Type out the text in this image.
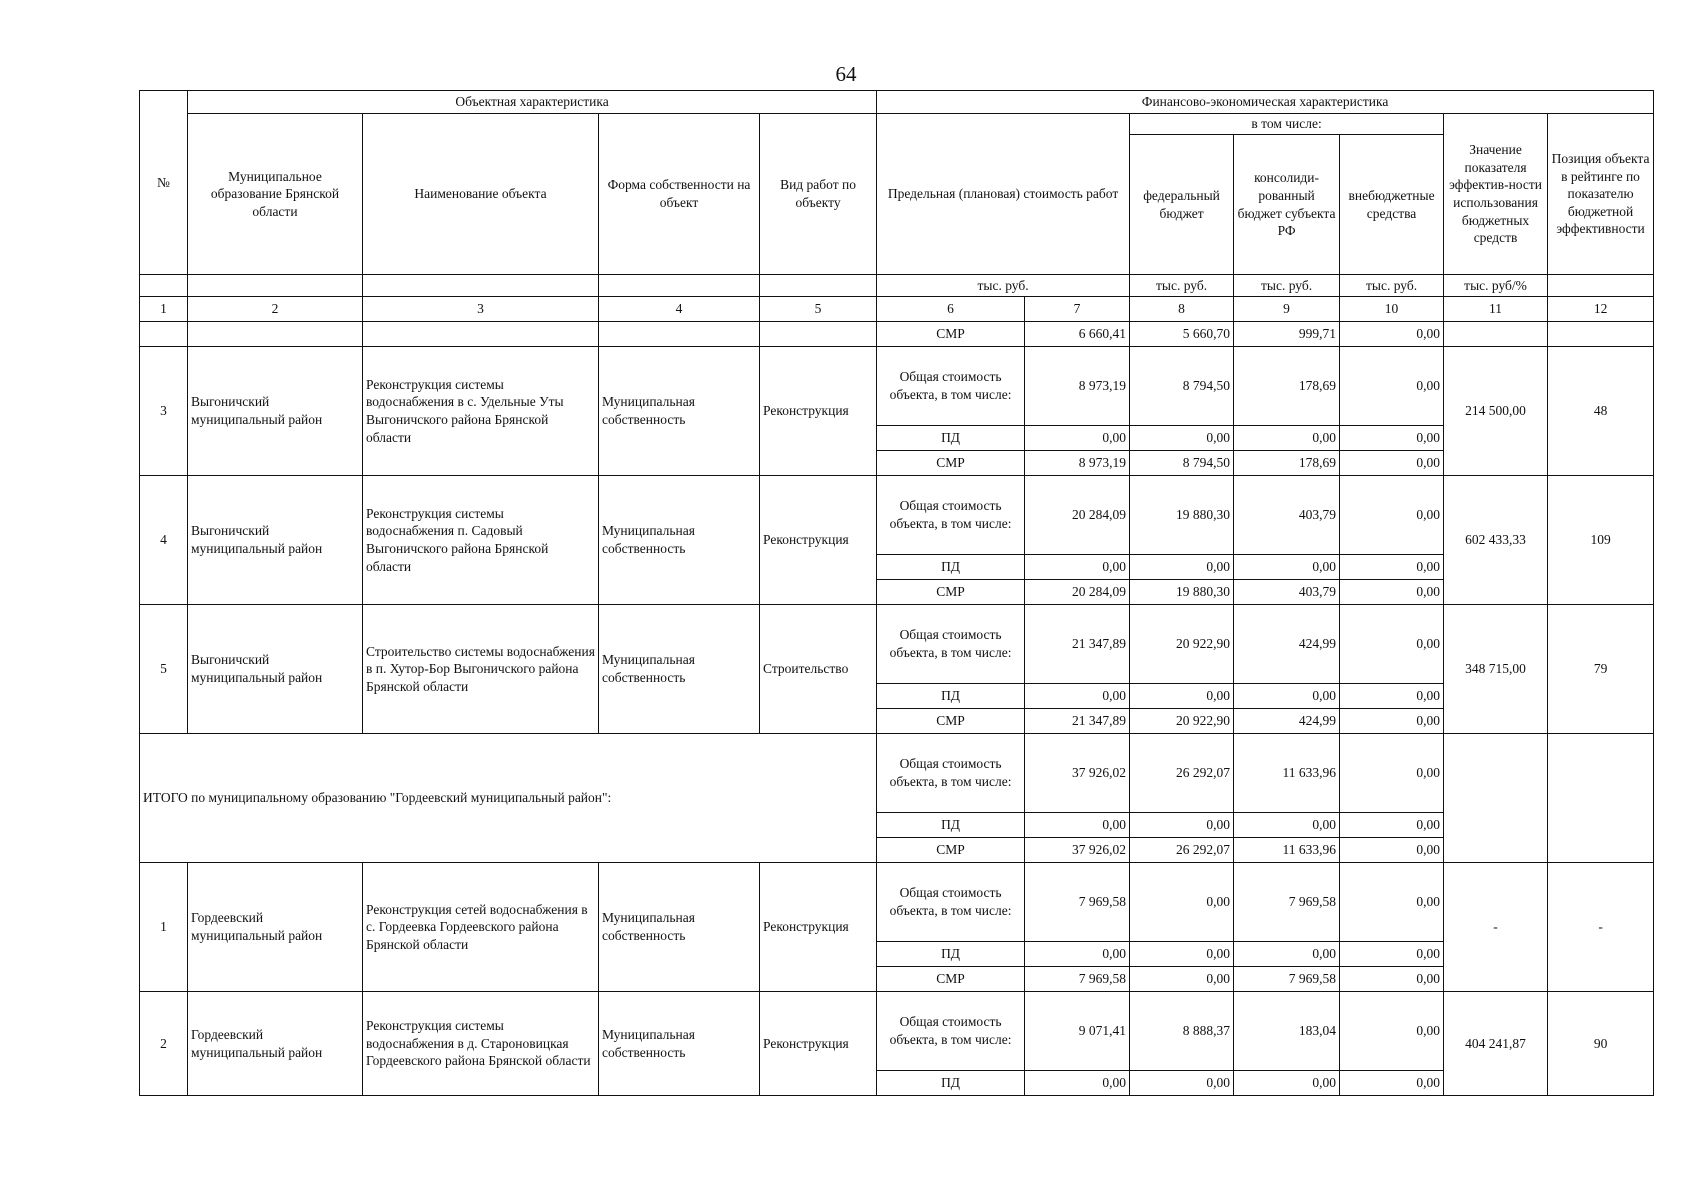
64
№	Объектная характеристика				Финансово-экономическая характеристика						
	Муниципальное образование Брянской области	Наименование объекта	Форма собственности на объект	Вид работ по объекту	Предельная (плановая) стоимость работ		в том числе:			Значение показателя эффектив-ности использования бюджетных средств	Позиция объекта в рейтинге по показателю бюджетной эффективности
							федеральный бюджет	консолиди-рованный бюджет субъекта РФ	внебюджетные средства		
					тыс. руб.		тыс. руб.	тыс. руб.	тыс. руб.	тыс. руб/%	
1	2	3	4	5	6	7	8	9	10	11	12
					СМР	6 660,41	5 660,70	999,71	0,00		
3	Выгоничский муниципальный район	Реконструкция системы водоснабжения в с. Удельные Уты Выгоничского района Брянской области	Муниципальная собственность	Реконструкция	Общая стоимость объекта, в том числе:	8 973,19	8 794,50	178,69	0,00	214 500,00	48
					ПД	0,00	0,00	0,00	0,00		
					СМР	8 973,19	8 794,50	178,69	0,00		
4	Выгоничский муниципальный район	Реконструкция системы водоснабжения п. Садовый Выгоничского района Брянской области	Муниципальная собственность	Реконструкция	Общая стоимость объекта, в том числе:	20 284,09	19 880,30	403,79	0,00	602 433,33	109
					ПД	0,00	0,00	0,00	0,00		
					СМР	20 284,09	19 880,30	403,79	0,00		
5	Выгоничский муниципальный район	Строительство системы водоснабжения в п. Хутор-Бор Выгоничского района Брянской области	Муниципальная собственность	Строительство	Общая стоимость объекта, в том числе:	21 347,89	20 922,90	424,99	0,00	348 715,00	79
					ПД	0,00	0,00	0,00	0,00		
					СМР	21 347,89	20 922,90	424,99	0,00		
ИТОГО по муниципальному образованию "Гордеевский муниципальный район":					Общая стоимость объекта, в том числе:	37 926,02	26 292,07	11 633,96	0,00		
					ПД	0,00	0,00	0,00	0,00		
					СМР	37 926,02	26 292,07	11 633,96	0,00		
1	Гордеевский муниципальный район	Реконструкция сетей водоснабжения в с. Гордеевка Гордеевского района Брянской области	Муниципальная собственность	Реконструкция	Общая стоимость объекта, в том числе:	7 969,58	0,00	7 969,58	0,00	-	-
					ПД	0,00	0,00	0,00	0,00		
					СМР	7 969,58	0,00	7 969,58	0,00		
2	Гордеевский муниципальный район	Реконструкция системы водоснабжения в д. Староновицкая Гордеевского района Брянской области	Муниципальная собственность	Реконструкция	Общая стоимость объекта, в том числе:	9 071,41	8 888,37	183,04	0,00	404 241,87	90
					ПД	0,00	0,00	0,00	0,00		
